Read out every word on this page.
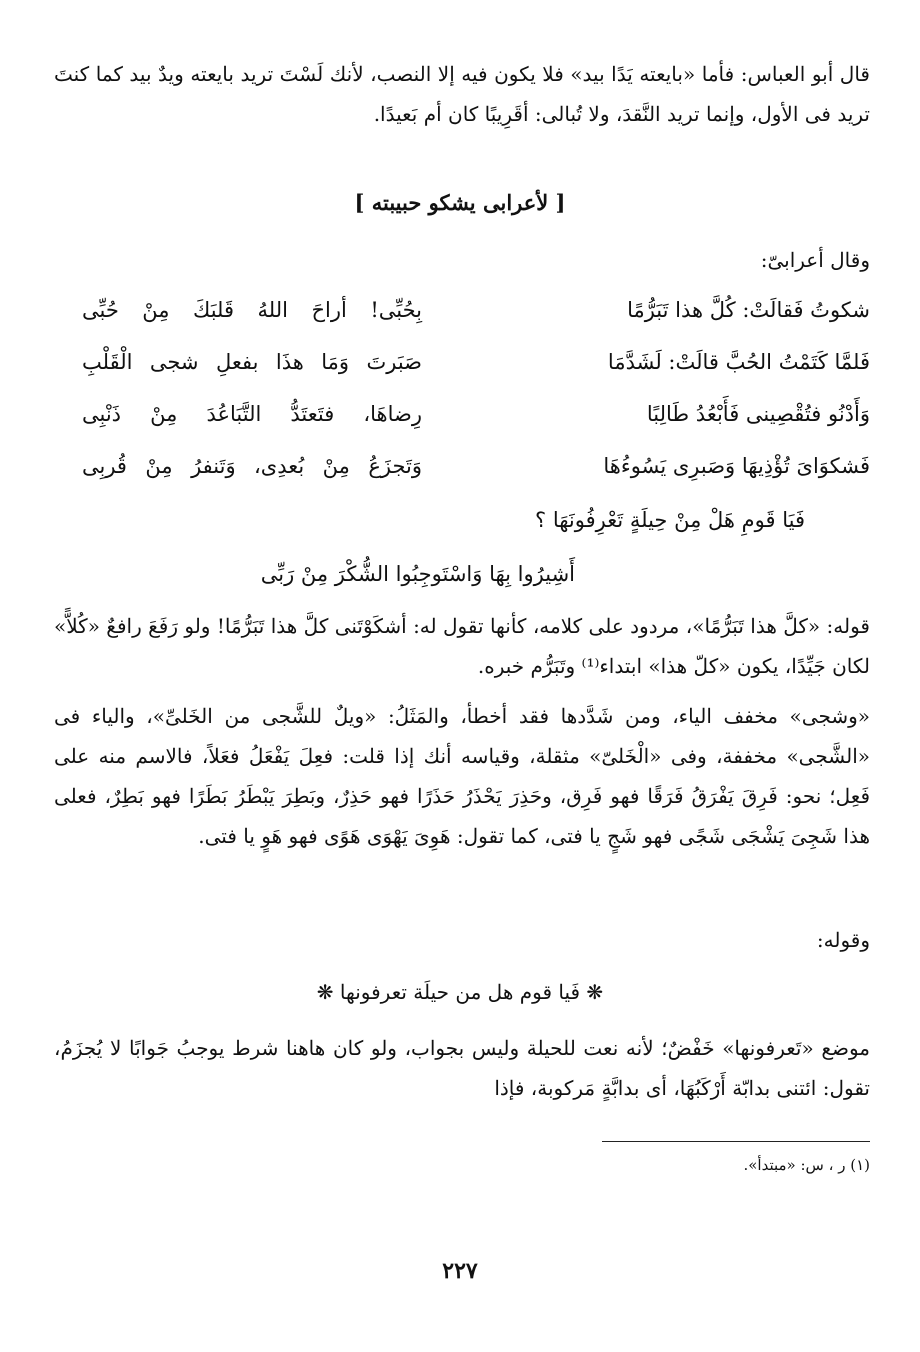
قال أبو العباس: فأما «بايعته يَدًا بيد» فلا يكون فيه إلا النصب، لأنك لَسْتَ تريد بايعته ويدٌ بيد كما كنتَ تريد فى الأول، وإنما تريد النَّقدَ، ولا تُبالى: أقَرِيبًا كان أم بَعيدًا.
[ لأعرابى يشكو حبيبته ]
وقال أعرابىّ:
شكوتُ فَقالَتْ: كُلَّ هذا تَبَرُّمًا
بِحُبِّى! أراحَ اللهُ قَلبَكَ مِنْ حُبِّى
فَلمَّا كَتَمْتُ الحُبَّ قالَتْ: لَشَدَّمَا
صَبَرتَ وَمَا هذَا بفعلِ شجى الْقَلْبِ
وَأَدْنُو فتُقْصِينى فَأَبْعُدُ طَالِبًا
رِضاهَا، فتَعتَدُّ التَّبَاعُدَ مِنْ ذَنْبِى
فَشكوَاىَ تُؤْذِيهَا وَصَبرِى يَسُوءُهَا
وَتَجزَعُ مِنْ بُعدِى، وَتَنفرُ مِنْ قُربِى
فَيَا قَومِ هَلْ مِنْ حِيلَةٍ تَعْرِفُونَهَا ؟
أَشِيرُوا بِهَا وَاسْتَوجِبُوا الشُّكْرَ مِنْ رَبِّى
قوله: «كلَّ هذا تَبَرُّمًا»، مردود على كلامه، كأنها تقول له: أشكَوْتَنى كلَّ هذا تَبَرُّمًا! ولو رَفَعَ رافعٌ «كُلاًّ» لكان جَيِّدًا، يكون «كلّ هذا» ابتداء⁽¹⁾ وتَبَرُّم خبره.
«وشجى» مخفف الياء، ومن شَدَّدها فقد أخطأ، والمَثَلُ: «ويلٌ للشَّجى من الخَلىِّ»، والياء فى «الشَّجى» مخففة، وفى «الْخَلىّ» مثقلة، وقياسه أنك إذا قلت: فعِلَ يَفْعَلُ فعَلاً، فالاسم منه على فَعِل؛ نحو: فَرِقَ يَفْرَقُ فَرَقًا فهو فَرِق، وحَذِرَ يَحْذَرُ حَذَرًا فهو حَذِرٌ، وبَطِرَ يَبْطَرُ بَطَرًا فهو بَطِرٌ، فعلى هذا شَجِىَ يَشْجَى شَجًى فهو شَجٍ يا فتى، كما تقول: هَوِىَ يَهْوَى هَوًى فهو هَوٍ يا فتى.
وقوله:
❋ فَيا قوم هل من حيلَة تعرفونها ❋
موضع «تَعرفونها» خَفْضٌ؛ لأنه نعت للحيلة وليس بجواب، ولو كان هاهنا شرط يوجبُ جَوابًا لا يُجزَمُ، تقول: ائتنى بدابّة أَرْكَبُهَا، أى بدابَّةٍ مَركوبة، فإذا
(١) ر ، س: «مبتدأ».
٢٢٧
